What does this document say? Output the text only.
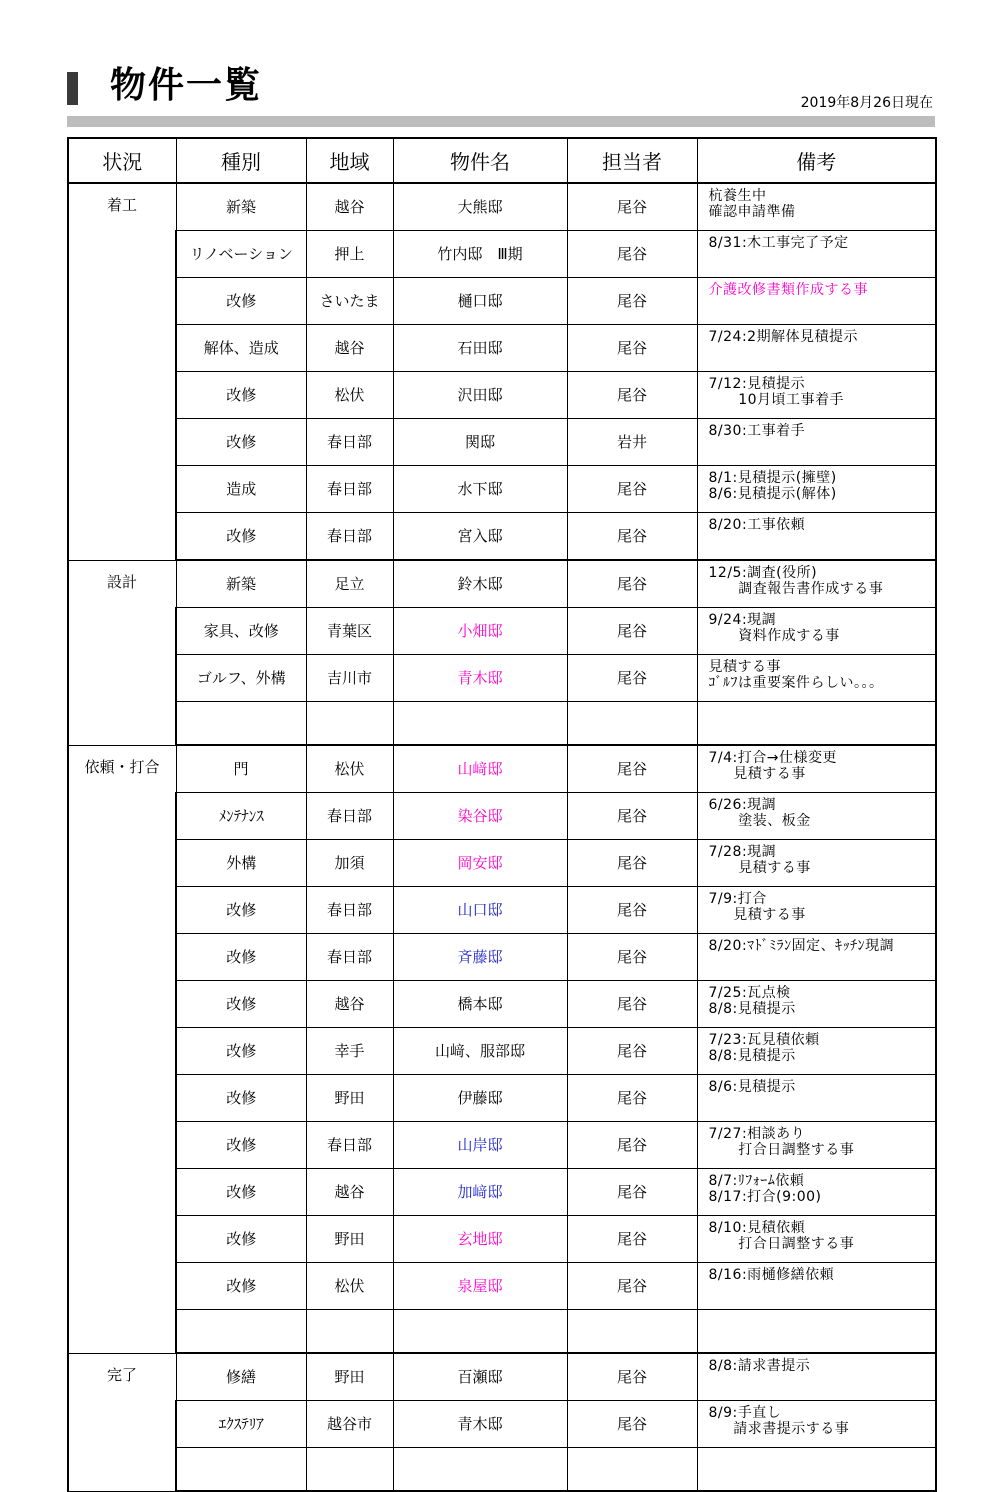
物件一覧	2019年8月26日現在
状況	種別	地域	物件名	担当者	備考
着工	新築	越谷	大熊邸	尾谷	杭養生中
確認申請準備
	リノベーション	押上	竹内邸　Ⅲ期	尾谷	8/31:木工事完了予定
	改修	さいたま	樋口邸	尾谷	介護改修書類作成する事
	解体、造成	越谷	石田邸	尾谷	7/24:2期解体見積提示
	改修	松伏	沢田邸	尾谷	7/12:見積提示
10月頃工事着手
	改修	春日部	関邸	岩井	8/30:工事着手
	造成	春日部	水下邸	尾谷	8/1:見積提示(擁壁)
8/6:見積提示(解体)
	改修	春日部	宮入邸	尾谷	8/20:工事依頼
設計	新築	足立	鈴木邸	尾谷	12/5:調査(役所)
調査報告書作成する事
	家具、改修	青葉区	小畑邸	尾谷	9/24:現調
資料作成する事
	ゴルフ、外構	吉川市	青木邸	尾谷	見積する事
ｺﾞﾙﾌは重要案件らしい。。。

依頼・打合	門	松伏	山﨑邸	尾谷	7/4:打合→仕様変更
見積する事
	ﾒﾝﾃﾅﾝｽ	春日部	染谷邸	尾谷	6/26:現調
塗装、板金
	外構	加須	岡安邸	尾谷	7/28:現調
見積する事
	改修	春日部	山口邸	尾谷	7/9:打合
見積する事
	改修	春日部	斉藤邸	尾谷	8/20:ﾏﾄﾞﾐﾗﾝ固定、ｷｯﾁﾝ現調
	改修	越谷	橋本邸	尾谷	7/25:瓦点検
8/8:見積提示
	改修	幸手	山﨑、服部邸	尾谷	7/23:瓦見積依頼
8/8:見積提示
	改修	野田	伊藤邸	尾谷	8/6:見積提示
	改修	春日部	山岸邸	尾谷	7/27:相談あり
打合日調整する事
	改修	越谷	加﨑邸	尾谷	8/7:ﾘﾌｫｰﾑ依頼
8/17:打合(9:00)
	改修	野田	玄地邸	尾谷	8/10:見積依頼
打合日調整する事
	改修	松伏	泉屋邸	尾谷	8/16:雨樋修繕依頼

完了	修繕	野田	百瀬邸	尾谷	8/8:請求書提示
	ｴｸｽﾃﾘｱ	越谷市	青木邸	尾谷	8/9:手直し
請求書提示する事
